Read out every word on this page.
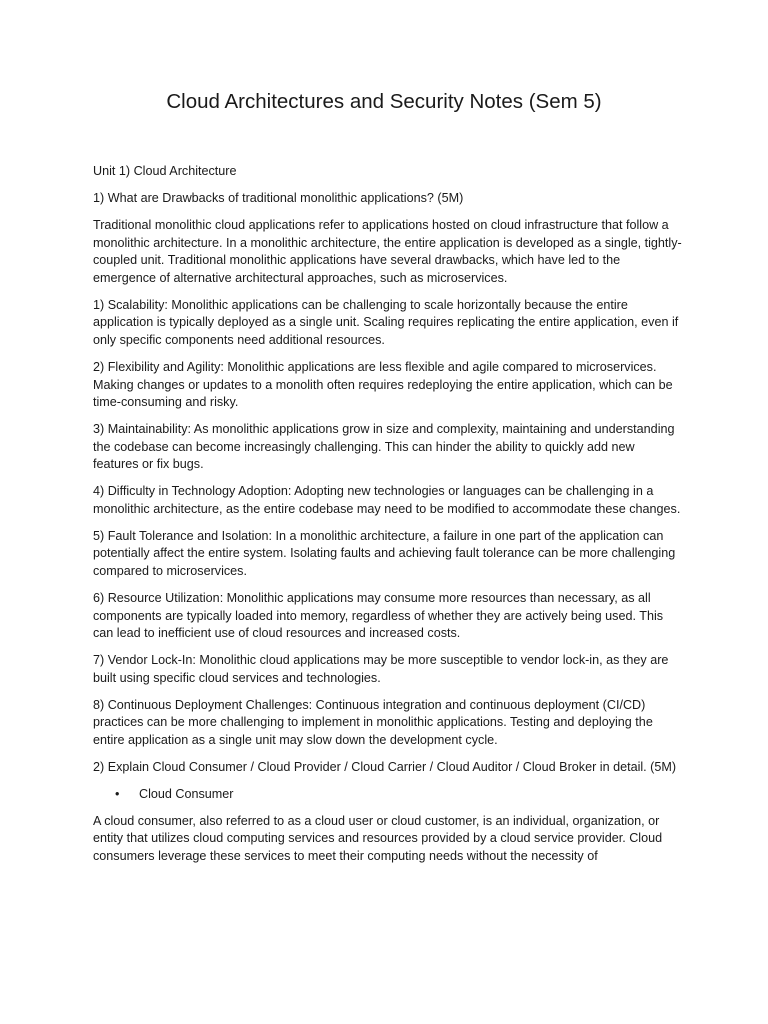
Cloud Architectures and Security Notes (Sem 5)

Unit 1) Cloud Architecture

1) What are Drawbacks of traditional monolithic applications? (5M)

Traditional monolithic cloud applications refer to applications hosted on cloud infrastructure that follow a monolithic architecture. In a monolithic architecture, the entire application is developed as a single, tightly-coupled unit. Traditional monolithic applications have several drawbacks, which have led to the emergence of alternative architectural approaches, such as microservices.

1) Scalability: Monolithic applications can be challenging to scale horizontally because the entire application is typically deployed as a single unit. Scaling requires replicating the entire application, even if only specific components need additional resources.

2) Flexibility and Agility: Monolithic applications are less flexible and agile compared to microservices. Making changes or updates to a monolith often requires redeploying the entire application, which can be time-consuming and risky.

3) Maintainability: As monolithic applications grow in size and complexity, maintaining and understanding the codebase can become increasingly challenging. This can hinder the ability to quickly add new features or fix bugs.

4) Difficulty in Technology Adoption: Adopting new technologies or languages can be challenging in a monolithic architecture, as the entire codebase may need to be modified to accommodate these changes.

5) Fault Tolerance and Isolation: In a monolithic architecture, a failure in one part of the application can potentially affect the entire system. Isolating faults and achieving fault tolerance can be more challenging compared to microservices.

6) Resource Utilization: Monolithic applications may consume more resources than necessary, as all components are typically loaded into memory, regardless of whether they are actively being used. This can lead to inefficient use of cloud resources and increased costs.

7) Vendor Lock-In: Monolithic cloud applications may be more susceptible to vendor lock-in, as they are built using specific cloud services and technologies.

8) Continuous Deployment Challenges: Continuous integration and continuous deployment (CI/CD) practices can be more challenging to implement in monolithic applications. Testing and deploying the entire application as a single unit may slow down the development cycle.

2) Explain Cloud Consumer / Cloud Provider / Cloud Carrier / Cloud Auditor / Cloud Broker in detail. (5M)

• Cloud Consumer

A cloud consumer, also referred to as a cloud user or cloud customer, is an individual, organization, or entity that utilizes cloud computing services and resources provided by a cloud service provider. Cloud consumers leverage these services to meet their computing needs without the necessity of
